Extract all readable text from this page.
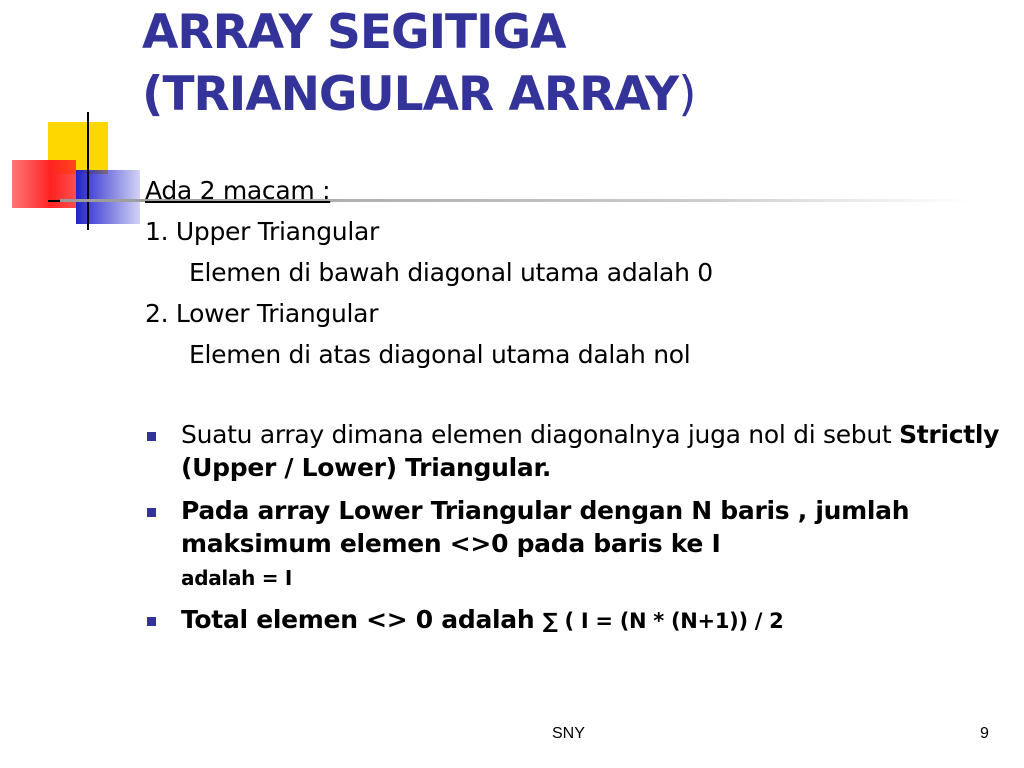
ARRAY SEGITIGA
(TRIANGULAR ARRAY)
Ada 2 macam :
1. Upper Triangular
Elemen di bawah diagonal utama adalah 0
2. Lower Triangular
Elemen di atas diagonal utama dalah nol
Suatu array dimana elemen diagonalnya juga nol di sebut Strictly (Upper / Lower) Triangular.
Pada array Lower Triangular dengan N baris , jumlah maksimum elemen <>0 pada baris ke I
adalah = I
Total elemen <> 0 adalah ∑ ( I = (N * (N+1)) / 2
SNY	9
